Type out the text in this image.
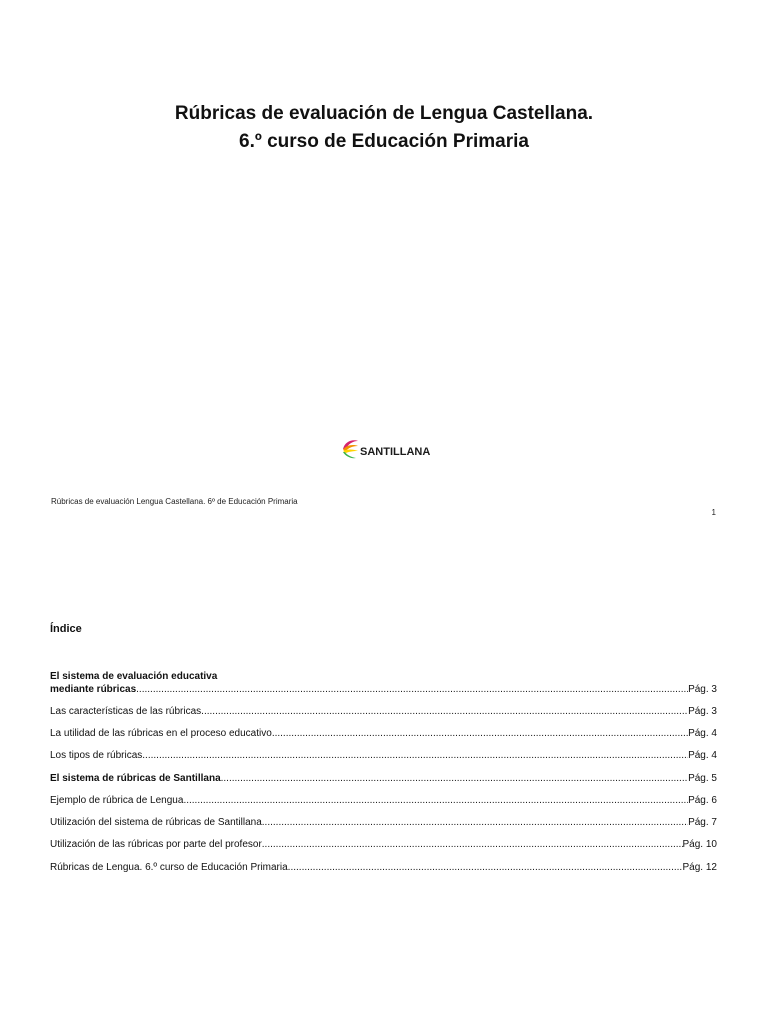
Rúbricas de evaluación de Lengua Castellana.
6.º curso de Educación Primaria
SANTILLANA
Rúbricas de evaluación Lengua Castellana. 6º de Educación Primaria
1
Índice
El sistema de evaluación educativa
mediante rúbricas .....	Pág. 3
Las características de las rúbricas .....	Pág. 3
La utilidad de las rúbricas en el proceso educativo .....	Pág. 4
Los tipos de rúbricas .....	Pág. 4
El sistema de rúbricas de Santillana .....	Pág. 5
Ejemplo de rúbrica de Lengua .....	Pág. 6
Utilización del sistema de rúbricas de Santillana .....	Pág. 7
Utilización de las rúbricas por parte del profesor .....	Pág. 10
Rúbricas de Lengua. 6.º curso de Educación Primaria .....	Pág. 12
